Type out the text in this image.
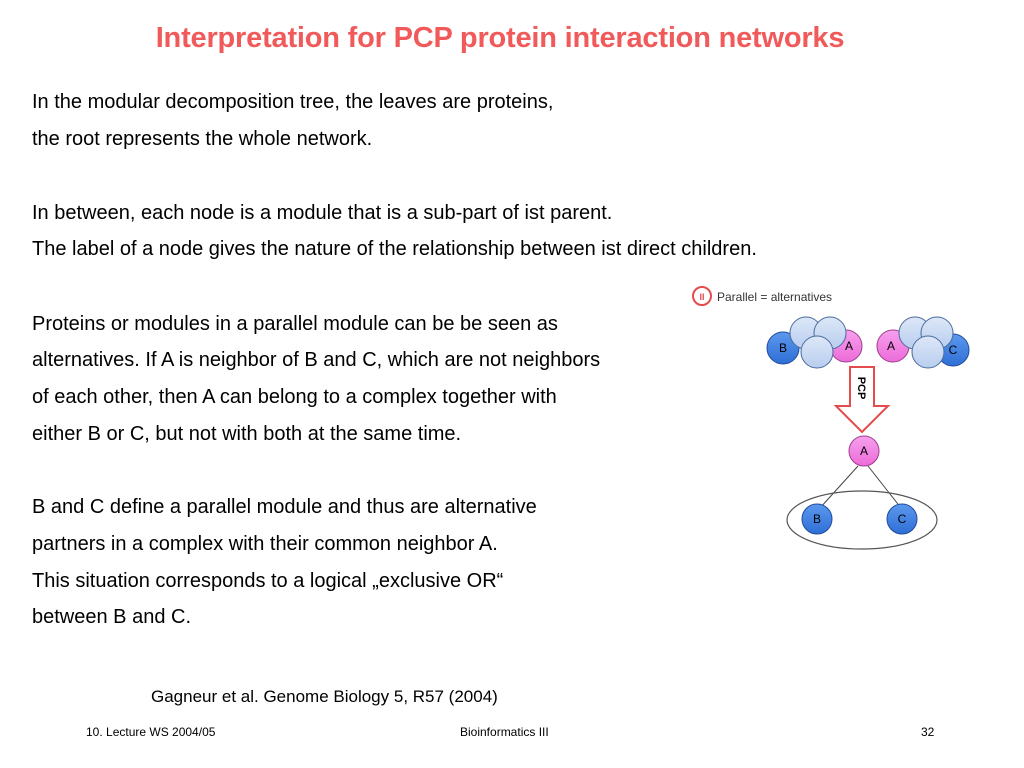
Interpretation for PCP protein interaction networks
In the modular decomposition tree, the leaves are proteins,
the root represents the whole network.
In between, each node is a module that is a sub-part of ist parent.
The label of a node gives the nature of the relationship between ist direct children.
Proteins or modules in a parallel module can be be seen as
alternatives. If A is neighbor of B and C, which are not neighbors
of each other, then A can belong to a complex together with
either B or C, but not with both at the same time.
B and C define a parallel module and thus are alternative
partners in a complex with their common neighbor A.
This situation corresponds to a logical „exclusive OR“
between B and C.
II Parallel = alternatives
B	A	A	C
PCP
A
B	C
Gagneur et al. Genome Biology 5, R57 (2004)
10. Lecture WS 2004/05	Bioinformatics III	32
